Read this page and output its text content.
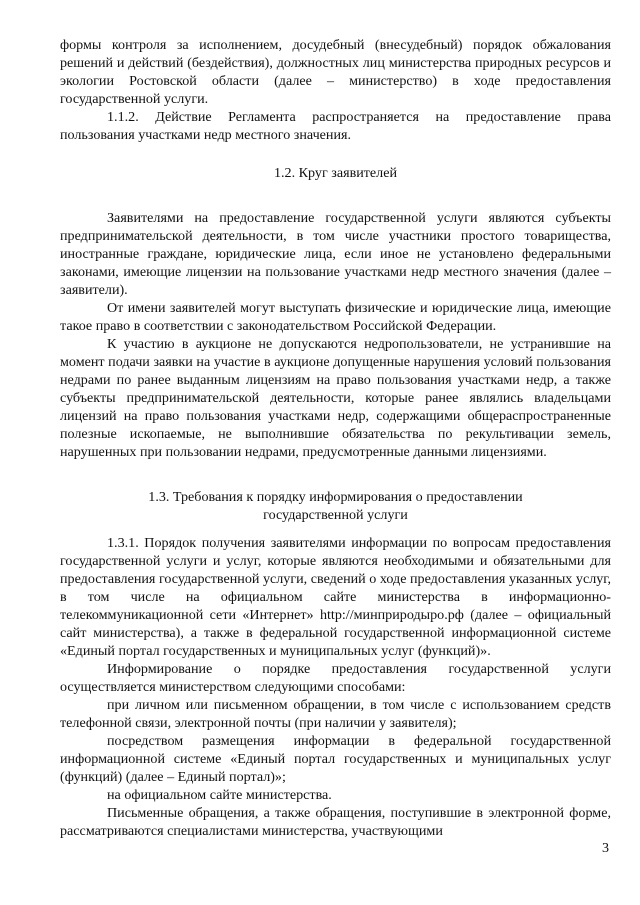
формы контроля за исполнением, досудебный (внесудебный) порядок обжалования решений и действий (бездействия), должностных лиц министерства природных ресурсов и экологии Ростовской области (далее – министерство) в ходе предоставления государственной услуги.

1.1.2. Действие Регламента распространяется на предоставление права пользования участками недр местного значения.

1.2. Круг заявителей

Заявителями на предоставление государственной услуги являются субъекты предпринимательской деятельности, в том числе участники простого товарищества, иностранные граждане, юридические лица, если иное не установлено федеральными законами, имеющие лицензии на пользование участками недр местного значения (далее – заявители).

От имени заявителей могут выступать физические и юридические лица, имеющие такое право в соответствии с законодательством Российской Федерации.

К участию в аукционе не допускаются недропользователи, не устранившие на момент подачи заявки на участие в аукционе допущенные нарушения условий пользования недрами по ранее выданным лицензиям на право пользования участками недр, а также субъекты предпринимательской деятельности, которые ранее являлись владельцами лицензий на право пользования участками недр, содержащими общераспространенные полезные ископаемые, не выполнившие обязательства по рекультивации земель, нарушенных при пользовании недрами, предусмотренные данными лицензиями.

1.3. Требования к порядку информирования о предоставлении
государственной услуги

1.3.1. Порядок получения заявителями информации по вопросам предоставления государственной услуги и услуг, которые являются необходимыми и обязательными для предоставления государственной услуги, сведений о ходе предоставления указанных услуг, в том числе на официальном сайте министерства в информационно-телекоммуникационной сети «Интернет» http://минприродыро.рф (далее – официальный сайт министерства), а также в федеральной государственной информационной системе «Единый портал государственных и муниципальных услуг (функций)».

Информирование о порядке предоставления государственной услуги осуществляется министерством следующими способами:

при личном или письменном обращении, в том числе с использованием средств телефонной связи, электронной почты (при наличии у заявителя);

посредством размещения информации в федеральной государственной информационной системе «Единый портал государственных и муниципальных услуг (функций) (далее – Единый портал)»;

на официальном сайте министерства.

Письменные обращения, а также обращения, поступившие в электронной форме, рассматриваются специалистами министерства, участвующими

3
